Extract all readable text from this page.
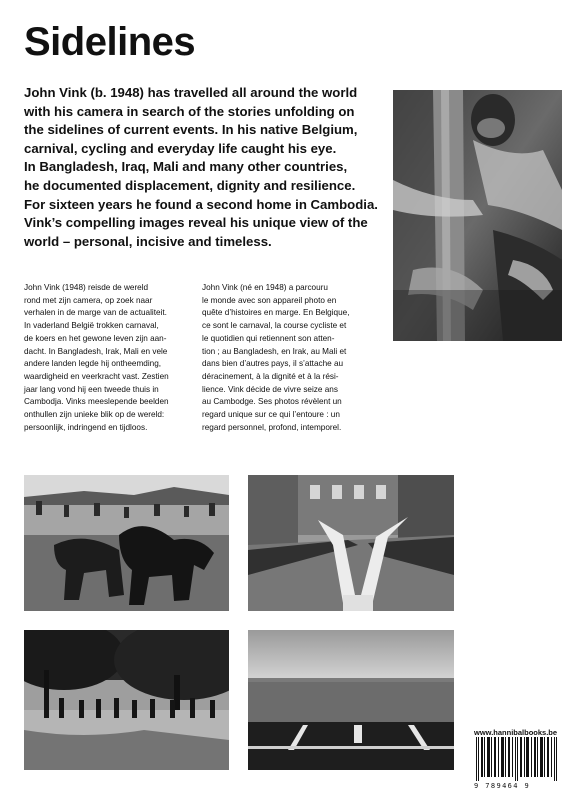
Sidelines

John Vink (b. 1948) has travelled all around the world
with his camera in search of the stories unfolding on
the sidelines of current events. In his native Belgium,
carnival, cycling and everyday life caught his eye.
In Bangladesh, Iraq, Mali and many other countries,
he documented displacement, dignity and resilience.
For sixteen years he found a second home in Cambodia.
Vink’s compelling images reveal his unique view of the
world – personal, incisive and timeless.

John Vink (1948) reisde de wereld
rond met zijn camera, op zoek naar
verhalen in de marge van de actualiteit.
In vaderland België trokken carnaval,
de koers en het gewone leven zijn aan-
dacht. In Bangladesh, Irak, Mali en vele
andere landen legde hij ontheemding,
waardigheid en veerkracht vast. Zestien
jaar lang vond hij een tweede thuis in
Cambodja. Vinks meeslepende beelden
onthullen zijn unieke blik op de wereld:
persoonlijk, indringend en tijdloos.

John Vink (né en 1948) a parcouru
le monde avec son appareil photo en
quête d’histoires en marge. En Belgique,
ce sont le carnaval, la course cycliste et
le quotidien qui retiennent son atten-
tion ; au Bangladesh, en Irak, au Mali et
dans bien d’autres pays, il s’attache au
déracinement, à la dignité et à la rési-
lience. Vink décide de vivre seize ans
au Cambodge. Ses photos révèlent un
regard unique sur ce qui l’entoure : un
regard personnel, profond, intemporel.

www.hannibalbooks.be
9 789464 9
